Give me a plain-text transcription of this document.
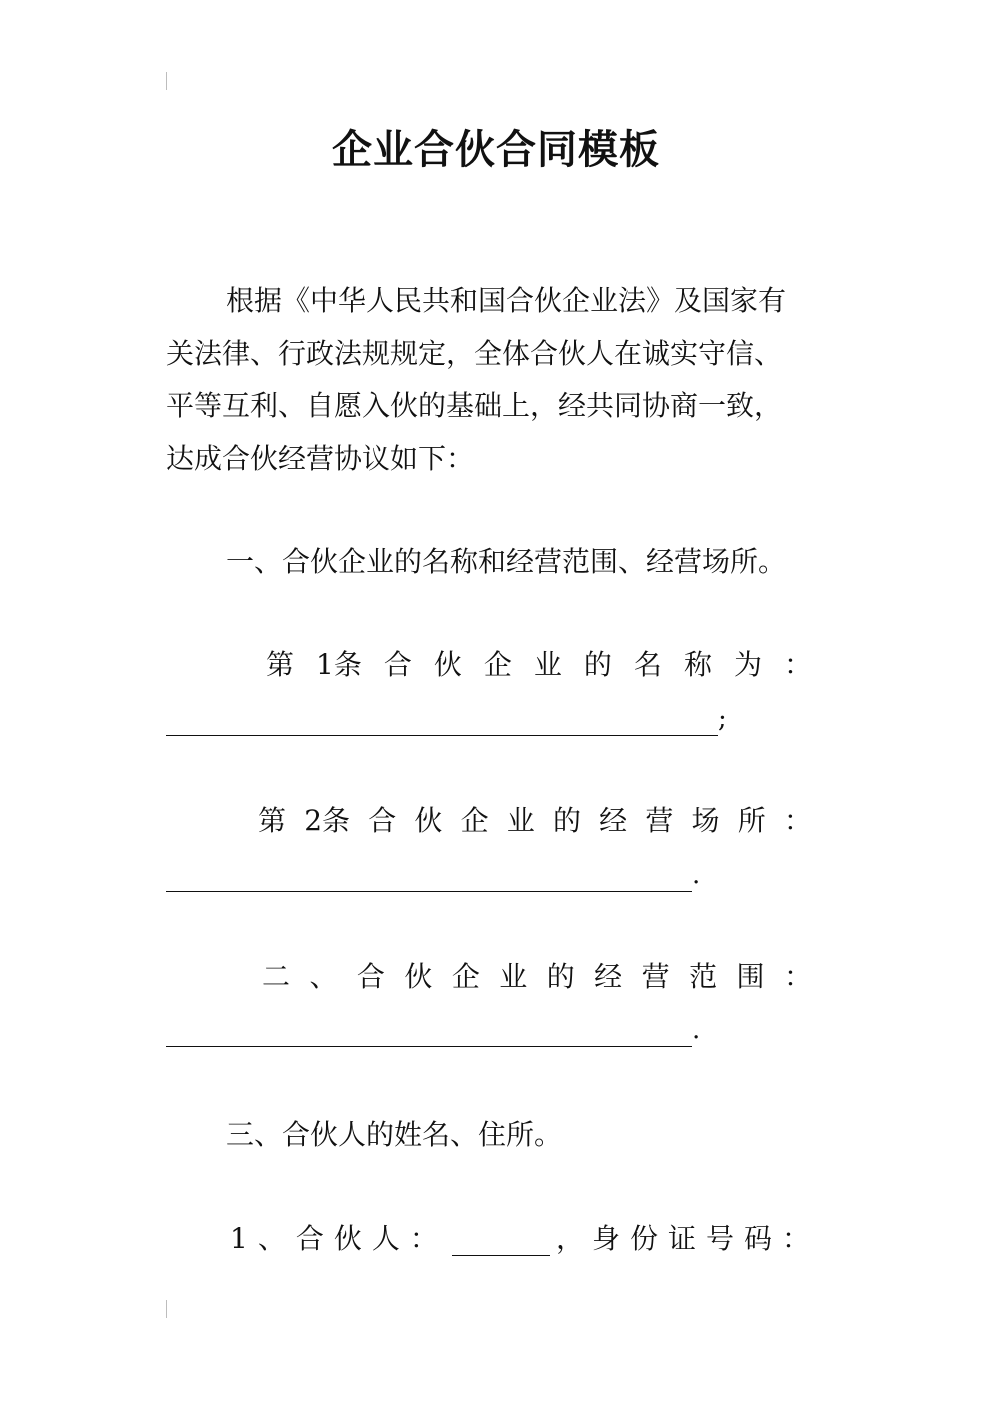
企业合伙合同模板
根据《中华人民共和国合伙企业法》及国家有
关法律、行政法规规定，全体合伙人在诚实守信、
平等互利、自愿入伙的基础上，经共同协商一致，
达成合伙经营协议如下：
一、合伙企业的名称和经营范围、经营场所。
第 1条 合 伙 企 业 的 名 称 为 ：
;
第 2条 合 伙 企 业 的 经 营 场 所 ：
.
二 、 合 伙 企 业 的 经 营 范 围 ：
.
三、合伙人的姓名、住所。
1、合伙人：	， 身份证号码：
